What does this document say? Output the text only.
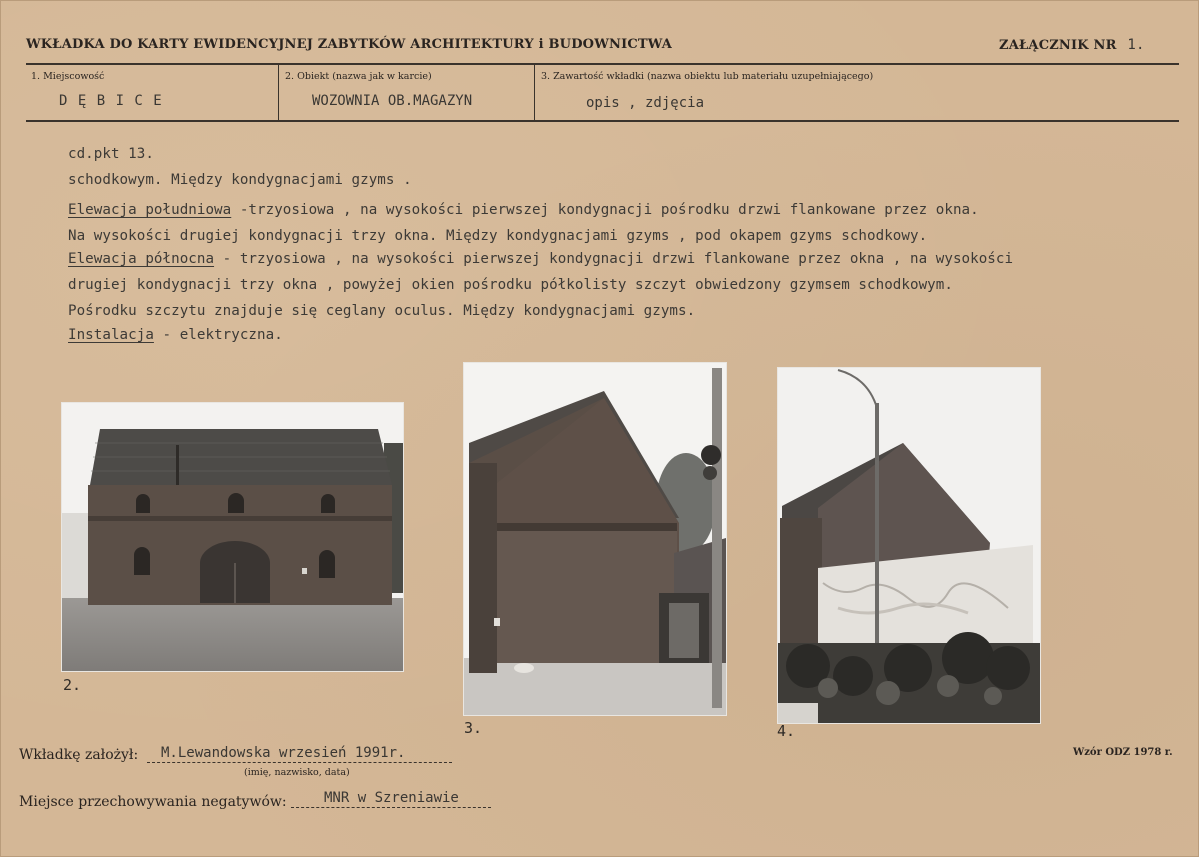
WKŁADKA DO KARTY EWIDENCYJNEJ ZABYTKÓW ARCHITEKTURY i BUDOWNICTWA	ZAŁĄCZNIK NR 1.
1. Miejscowość
D Ę B I C E
2. Obiekt (nazwa jak w karcie)
WOZOWNIA OB.MAGAZYN
3. Zawartość wkładki (nazwa obiektu lub materiału uzupełniającego)
opis , zdjęcia
cd.pkt 13.
schodkowym. Między kondygnacjami gzyms .
Elewacja południowa -trzyosiowa , na wysokości pierwszej kondygnacji pośrodku drzwi flankowane przez okna.
Na wysokości drugiej kondygnacji trzy okna. Między kondygnacjami gzyms , pod okapem gzyms schodkowy.
Elewacja północna - trzyosiowa , na wysokości pierwszej kondygnacji drzwi flankowane przez okna , na wysokości
drugiej kondygnacji trzy okna , powyżej okien pośrodku półkolisty szczyt obwiedzony gzymsem schodkowym.
Pośrodku szczytu znajduje się ceglany oculus. Między kondygnacjami gzyms.
Instalacja - elektryczna.
2.
3.	4.
Wkładkę założył: M.Lewandowska wrzesień 1991r.
(imię, nazwisko, data)
Wzór ODZ 1978 r.
Miejsce przechowywania negatywów:	MNR w Szreniawie
